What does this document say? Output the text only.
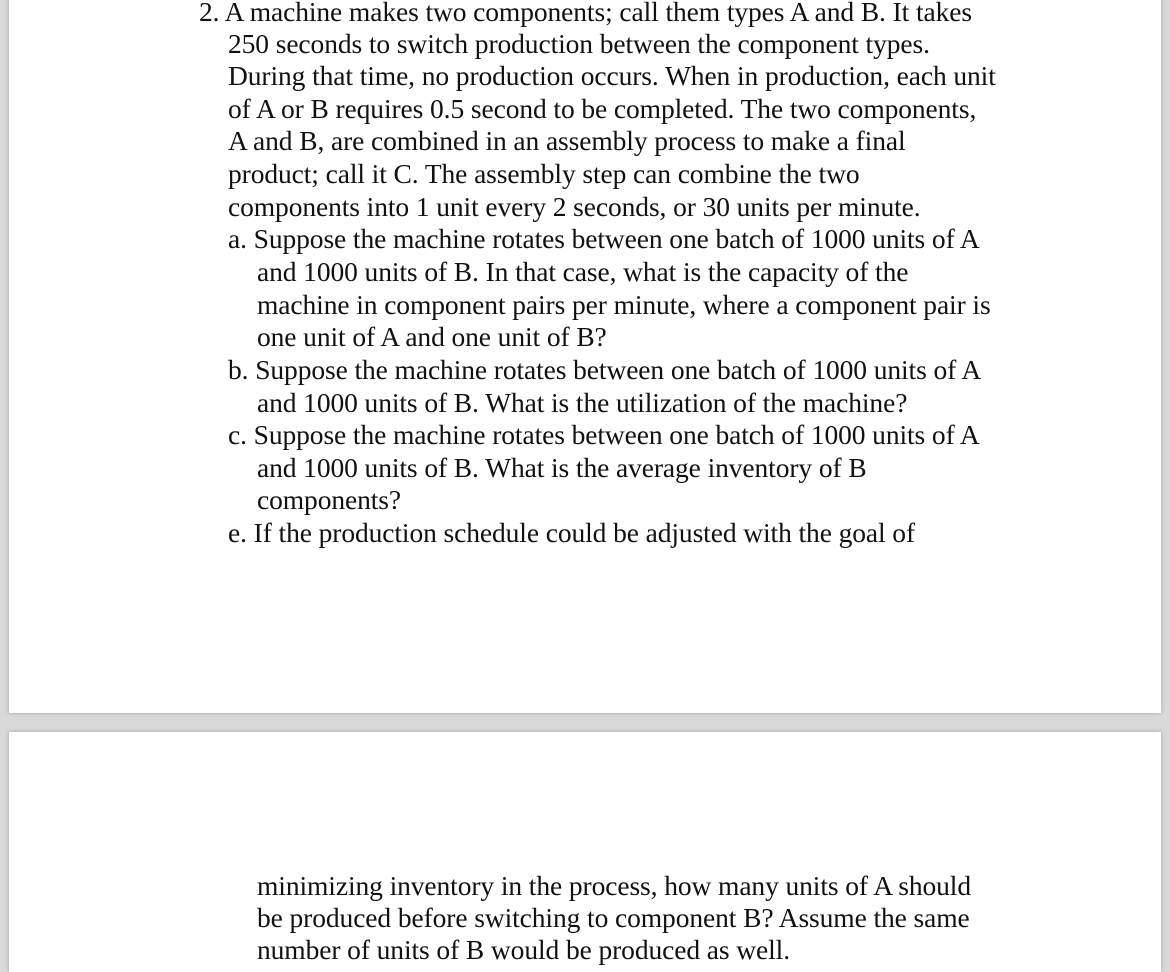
2. A machine makes two components; call them types A and B. It takes
250 seconds to switch production between the component types.
During that time, no production occurs. When in production, each unit
of A or B requires 0.5 second to be completed. The two components,
A and B, are combined in an assembly process to make a final
product; call it C. The assembly step can combine the two
components into 1 unit every 2 seconds, or 30 units per minute.
a. Suppose the machine rotates between one batch of 1000 units of A
and 1000 units of B. In that case, what is the capacity of the
machine in component pairs per minute, where a component pair is
one unit of A and one unit of B?
b. Suppose the machine rotates between one batch of 1000 units of A
and 1000 units of B. What is the utilization of the machine?
c. Suppose the machine rotates between one batch of 1000 units of A
and 1000 units of B. What is the average inventory of B
components?
e. If the production schedule could be adjusted with the goal of
minimizing inventory in the process, how many units of A should
be produced before switching to component B? Assume the same
number of units of B would be produced as well.
